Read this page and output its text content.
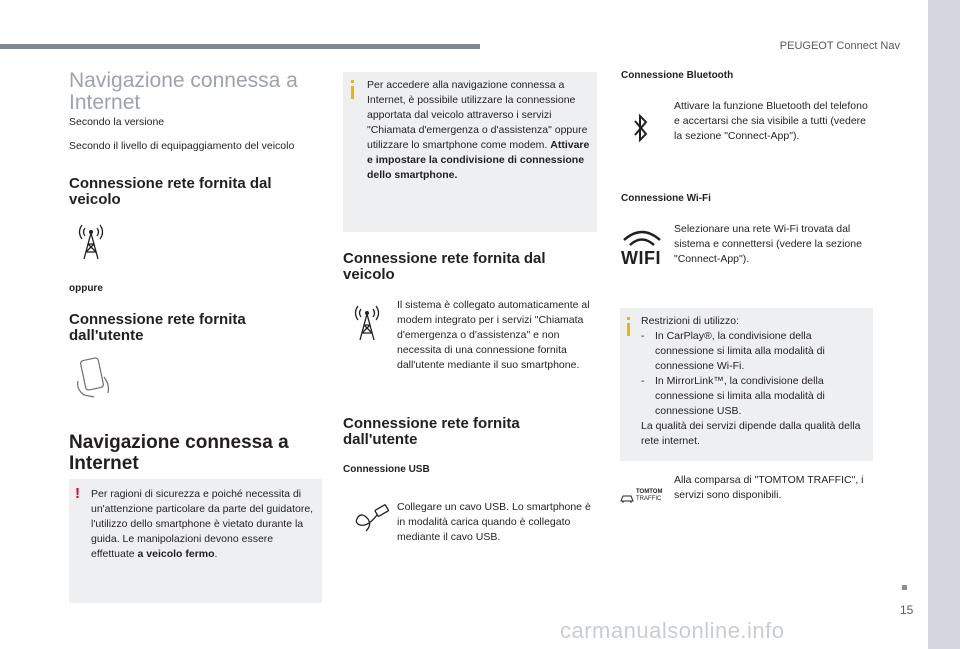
PEUGEOT Connect Nav
15
carmanualsonline.info
Navigazione connessa a Internet
Secondo la versione
Secondo il livello di equipaggiamento del veicolo
Connessione rete fornita dal veicolo
oppure
Connessione rete fornita dall'utente
Navigazione connessa a Internet
! Per ragioni di sicurezza e poiché necessita di un'attenzione particolare da parte del guidatore, l'utilizzo dello smartphone è vietato durante la guida. Le manipolazioni devono essere effettuate a veicolo fermo.
Per accedere alla navigazione connessa a Internet, è possibile utilizzare la connessione apportata dal veicolo attraverso i servizi "Chiamata d'emergenza o d'assistenza" oppure utilizzare lo smartphone come modem. Attivare e impostare la condivisione di connessione dello smartphone.
Connessione rete fornita dal veicolo
Il sistema è collegato automaticamente al modem integrato per i servizi "Chiamata d'emergenza o d'assistenza" e non necessita di una connessione fornita dall'utente mediante il suo smartphone.
Connessione rete fornita dall'utente
Connessione USB
Collegare un cavo USB. Lo smartphone è in modalità carica quando è collegato mediante il cavo USB.
Connessione Bluetooth
Attivare la funzione Bluetooth del telefono e accertarsi che sia visibile a tutti (vedere la sezione "Connect-App").
Connessione Wi-Fi
WIFI
Selezionare una rete Wi-Fi trovata dal sistema e connettersi (vedere la sezione "Connect-App").
Restrizioni di utilizzo:
- In CarPlay®, la condivisione della connessione si limita alla modalità di connessione Wi-Fi.
- In MirrorLink™, la condivisione della connessione si limita alla modalità di connessione USB.
La qualità dei servizi dipende dalla qualità della rete internet.
TOMTOM
TRAFFIC
Alla comparsa di "TOMTOM TRAFFIC", i servizi sono disponibili.
